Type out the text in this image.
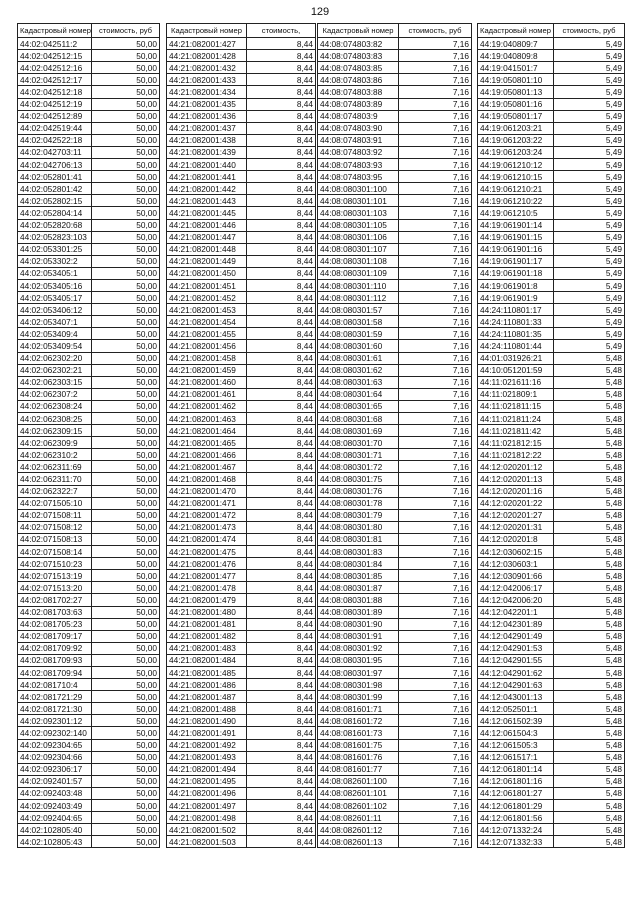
129
Кадастровый номер	стоимость, руб
44:02:042511:2	50,00
44:02:042512:15	50,00
44:02:042512:16	50,00
44:02:042512:17	50,00
44:02:042512:18	50,00
44:02:042512:19	50,00
44:02:042512:89	50,00
44:02:042519:44	50,00
44:02:042522:18	50,00
44:02:042703:11	50,00
44:02:042706:13	50,00
44:02:052801:41	50,00
44:02:052801:42	50,00
44:02:052802:15	50,00
44:02:052804:14	50,00
44:02:052820:68	50,00
44:02:052823:103	50,00
44:02:053301:25	50,00
44:02:053302:2	50,00
44:02:053405:1	50,00
44:02:053405:16	50,00
44:02:053405:17	50,00
44:02:053406:12	50,00
44:02:053407:1	50,00
44:02:053409:4	50,00
44:02:053409:54	50,00
44:02:062302:20	50,00
44:02:062302:21	50,00
44:02:062303:15	50,00
44:02:062307:2	50,00
44:02:062308:24	50,00
44:02:062308:25	50,00
44:02:062309:15	50,00
44:02:062309:9	50,00
44:02:062310:2	50,00
44:02:062311:69	50,00
44:02:062311:70	50,00
44:02:062322:7	50,00
44:02:071505:10	50,00
44:02:071508:11	50,00
44:02:071508:12	50,00
44:02:071508:13	50,00
44:02:071508:14	50,00
44:02:071510:23	50,00
44:02:071513:19	50,00
44:02:071513:20	50,00
44:02:081702:27	50,00
44:02:081703:63	50,00
44:02:081705:23	50,00
44:02:081709:17	50,00
44:02:081709:92	50,00
44:02:081709:93	50,00
44:02:081709:94	50,00
44:02:081710:4	50,00
44:02:081721:29	50,00
44:02:081721:30	50,00
44:02:092301:12	50,00
44:02:092302:140	50,00
44:02:092304:65	50,00
44:02:092304:66	50,00
44:02:092306:17	50,00
44:02:092401:57	50,00
44:02:092403:48	50,00
44:02:092403:49	50,00
44:02:092404:65	50,00
44:02:102805:40	50,00
44:02:102805:43	50,00
Кадастровый номер	стоимость,
44:21:082001:427	8,44
44:21:082001:428	8,44
44:21:082001:432	8,44
44:21:082001:433	8,44
44:21:082001:434	8,44
44:21:082001:435	8,44
44:21:082001:436	8,44
44:21:082001:437	8,44
44:21:082001:438	8,44
44:21:082001:439	8,44
44:21:082001:440	8,44
44:21:082001:441	8,44
44:21:082001:442	8,44
44:21:082001:443	8,44
44:21:082001:445	8,44
44:21:082001:446	8,44
44:21:082001:447	8,44
44:21:082001:448	8,44
44:21:082001:449	8,44
44:21:082001:450	8,44
44:21:082001:451	8,44
44:21:082001:452	8,44
44:21:082001:453	8,44
44:21:082001:454	8,44
44:21:082001:455	8,44
44:21:082001:456	8,44
44:21:082001:458	8,44
44:21:082001:459	8,44
44:21:082001:460	8,44
44:21:082001:461	8,44
44:21:082001:462	8,44
44:21:082001:463	8,44
44:21:082001:464	8,44
44:21:082001:465	8,44
44:21:082001:466	8,44
44:21:082001:467	8,44
44:21:082001:468	8,44
44:21:082001:470	8,44
44:21:082001:471	8,44
44:21:082001:472	8,44
44:21:082001:473	8,44
44:21:082001:474	8,44
44:21:082001:475	8,44
44:21:082001:476	8,44
44:21:082001:477	8,44
44:21:082001:478	8,44
44:21:082001:479	8,44
44:21:082001:480	8,44
44:21:082001:481	8,44
44:21:082001:482	8,44
44:21:082001:483	8,44
44:21:082001:484	8,44
44:21:082001:485	8,44
44:21:082001:486	8,44
44:21:082001:487	8,44
44:21:082001:488	8,44
44:21:082001:490	8,44
44:21:082001:491	8,44
44:21:082001:492	8,44
44:21:082001:493	8,44
44:21:082001:494	8,44
44:21:082001:495	8,44
44:21:082001:496	8,44
44:21:082001:497	8,44
44:21:082001:498	8,44
44:21:082001:502	8,44
44:21:082001:503	8,44
Кадастровый номер	стоимость, руб
44:08:074803:82	7,16
44:08:074803:83	7,16
44:08:074803:85	7,16
44:08:074803:86	7,16
44:08:074803:88	7,16
44:08:074803:89	7,16
44:08:074803:9	7,16
44:08:074803:90	7,16
44:08:074803:91	7,16
44:08:074803:92	7,16
44:08:074803:93	7,16
44:08:074803:95	7,16
44:08:080301:100	7,16
44:08:080301:101	7,16
44:08:080301:103	7,16
44:08:080301:105	7,16
44:08:080301:106	7,16
44:08:080301:107	7,16
44:08:080301:108	7,16
44:08:080301:109	7,16
44:08:080301:110	7,16
44:08:080301:112	7,16
44:08:080301:57	7,16
44:08:080301:58	7,16
44:08:080301:59	7,16
44:08:080301:60	7,16
44:08:080301:61	7,16
44:08:080301:62	7,16
44:08:080301:63	7,16
44:08:080301:64	7,16
44:08:080301:65	7,16
44:08:080301:68	7,16
44:08:080301:69	7,16
44:08:080301:70	7,16
44:08:080301:71	7,16
44:08:080301:72	7,16
44:08:080301:75	7,16
44:08:080301:76	7,16
44:08:080301:78	7,16
44:08:080301:79	7,16
44:08:080301:80	7,16
44:08:080301:81	7,16
44:08:080301:83	7,16
44:08:080301:84	7,16
44:08:080301:85	7,16
44:08:080301:87	7,16
44:08:080301:88	7,16
44:08:080301:89	7,16
44:08:080301:90	7,16
44:08:080301:91	7,16
44:08:080301:92	7,16
44:08:080301:95	7,16
44:08:080301:97	7,16
44:08:080301:98	7,16
44:08:080301:99	7,16
44:08:081601:71	7,16
44:08:081601:72	7,16
44:08:081601:73	7,16
44:08:081601:75	7,16
44:08:081601:76	7,16
44:08:081601:77	7,16
44:08:082601:100	7,16
44:08:082601:101	7,16
44:08:082601:102	7,16
44:08:082601:11	7,16
44:08:082601:12	7,16
44:08:082601:13	7,16
Кадастровый номер	стоимость, руб
44:19:040809:7	5,49
44:19:040809:8	5,49
44:19:041501:7	5,49
44:19:050801:10	5,49
44:19:050801:13	5,49
44:19:050801:16	5,49
44:19:050801:17	5,49
44:19:061203:21	5,49
44:19:061203:22	5,49
44:19:061203:24	5,49
44:19:061210:12	5,49
44:19:061210:15	5,49
44:19:061210:21	5,49
44:19:061210:22	5,49
44:19:061210:5	5,49
44:19:061901:14	5,49
44:19:061901:15	5,49
44:19:061901:16	5,49
44:19:061901:17	5,49
44:19:061901:18	5,49
44:19:061901:8	5,49
44:19:061901:9	5,49
44:24:110801:17	5,49
44:24:110801:33	5,49
44:24:110801:35	5,49
44:24:110801:44	5,49
44:01:031926:21	5,48
44:10:051201:59	5,48
44:11:021611:16	5,48
44:11:021809:1	5,48
44:11:021811:15	5,48
44:11:021811:24	5,48
44:11:021811:42	5,48
44:11:021812:15	5,48
44:11:021812:22	5,48
44:12:020201:12	5,48
44:12:020201:13	5,48
44:12:020201:16	5,48
44:12:020201:22	5,48
44:12:020201:27	5,48
44:12:020201:31	5,48
44:12:020201:8	5,48
44:12:030602:15	5,48
44:12:030603:1	5,48
44:12:030901:66	5,48
44:12:042006:17	5,48
44:12:042006:20	5,48
44:12:042201:1	5,48
44:12:042301:89	5,48
44:12:042901:49	5,48
44:12:042901:53	5,48
44:12:042901:55	5,48
44:12:042901:62	5,48
44:12:042901:63	5,48
44:12:043001:13	5,48
44:12:052501:1	5,48
44:12:061502:39	5,48
44:12:061504:3	5,48
44:12:061505:3	5,48
44:12:061517:1	5,48
44:12:061801:14	5,48
44:12:061801:16	5,48
44:12:061801:27	5,48
44:12:061801:29	5,48
44:12:061801:56	5,48
44:12:071332:24	5,48
44:12:071332:33	5,48
